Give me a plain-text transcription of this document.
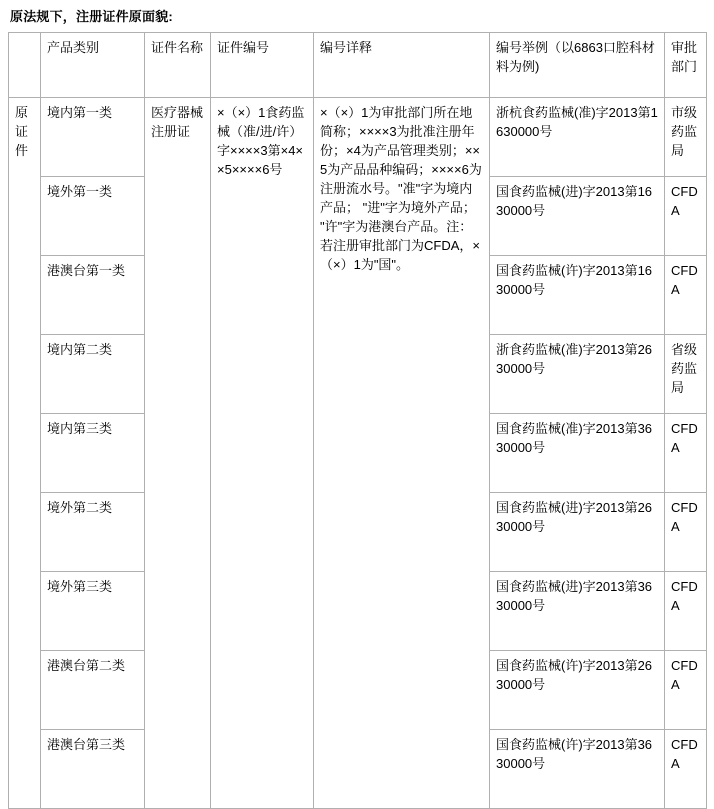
原法规下，注册证件原面貌:
	产品类别	证件名称	证件编号	编号详释	编号举例（以6863口腔科材料为例)	审批部门
原证件	境内第一类	医疗器械注册证	×（×）1食药监械（准/进/许）字××××3第×4××5××××6号	×（×）1为审批部门所在地简称；××××3为批准注册年份；×4为产品管理类别；××5为产品品种编码；××××6为注册流水号。"准"字为境内产品； "进"字为境外产品； "许"字为港澳台产品。注：若注册审批部门为CFDA，×（×）1为"国"。	浙杭食药监械(准)字2013第1630000号	市级药监局
	境外第一类				国食药监械(进)字2013第1630000号	CFDA
	港澳台第一类				国食药监械(许)字2013第1630000号	CFDA
	境内第二类				浙食药监械(准)字2013第2630000号	省级药监局
	境内第三类				国食药监械(准)字2013第3630000号	CFDA
	境外第二类				国食药监械(进)字2013第2630000号	CFDA
	境外第三类				国食药监械(进)字2013第3630000号	CFDA
	港澳台第二类				国食药监械(许)字2013第2630000号	CFDA
	港澳台第三类				国食药监械(许)字2013第3630000号	CFDA
